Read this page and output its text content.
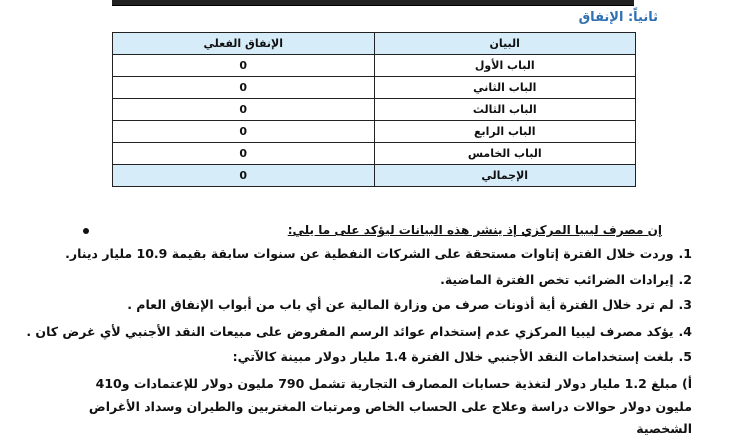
ثانياً: الإنفاق
البيان	الإنفاق الفعلي
الباب الأول	0
الباب الثاني	0
الباب الثالث	0
الباب الرابع	0
الباب الخامس	0
الإجمالي	0
إن مصرف ليبيا المركزي إذ ينشر هذه البيانات ليؤكد على ما يلي:
1. وردت خلال الفترة إتاوات مستحقة على الشركات النفطية عن سنوات سابقة بقيمة 10.9 مليار دينار.
2. إيرادات الضرائب تخص الفترة الماضية.
3. لم ترد خلال الفترة أية أذونات صرف من وزارة المالية عن أي باب من أبواب الإنفاق العام .
4. يؤكد مصرف ليبيا المركزي عدم إستخدام عوائد الرسم المفروض على مبيعات النقد الأجنبي لأي غرض كان .
5. بلغت إستخدامات النقد الأجنبي خلال الفترة 1.4 مليار دولار مبينة كالآتي:
أ) مبلغ 1.2 مليار دولار لتغذية حسابات المصارف التجارية تشمل 790 مليون دولار للإعتمادات و410
مليون دولار حوالات دراسة وعلاج على الحساب الخاص ومرتبات المغتربين والطيران وسداد الأغراض
الشخصية
